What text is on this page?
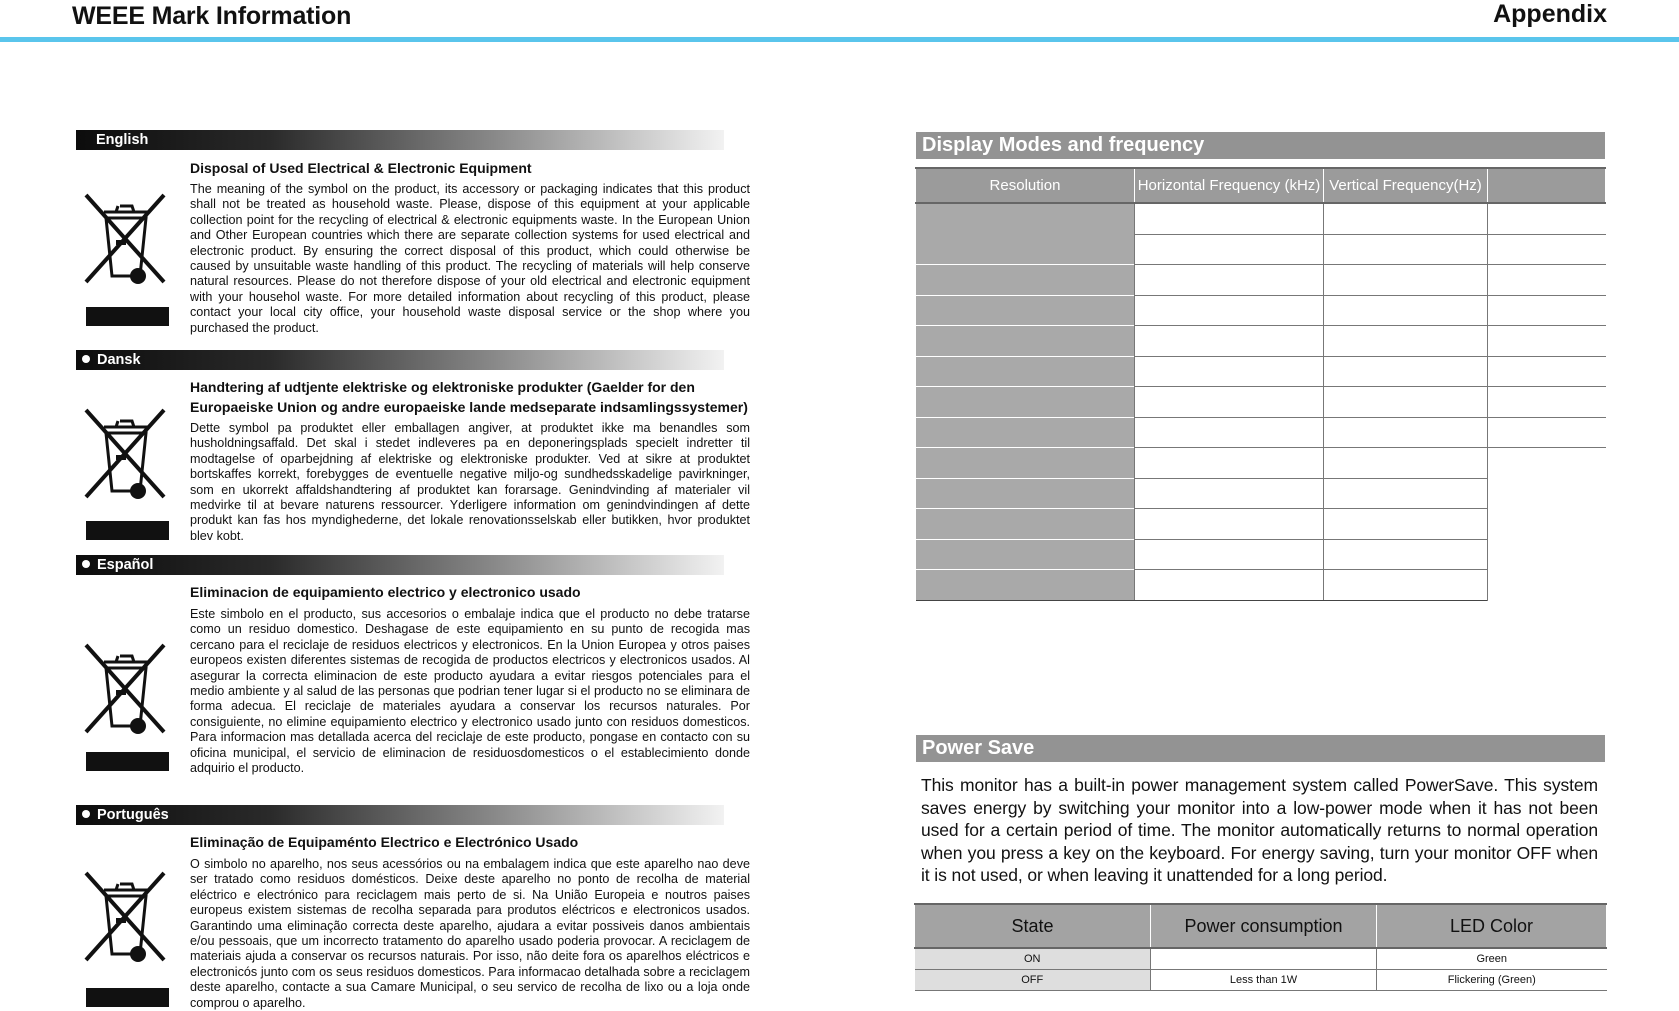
WEEE Mark Information	Appendix
English
Disposal of Used Electrical & Electronic Equipment
The meaning of the symbol on the product, its accessory or packaging indicates that this product shall not be treated as household waste. Please, dispose of this equipment at your applicable collection point for the recycling of electrical & electronic equipments waste. In the European Union and Other European countries which there are separate collection systems for used electrical and electronic product. By ensuring the correct disposal of this product, which could otherwise be caused by unsuitable waste handling of this product. The recycling of materials will help conserve natural resources. Please do not therefore dispose of your old electrical and electronic equipment with your househol waste. For more detailed information about recycling of this product, please contact your local city office, your household waste disposal service or the shop where you purchased the product.
Dansk
Handtering af udtjente elektriske og elektroniske produkter (Gaelder for den Europaeiske Union og andre europaeiske lande medseparate indsamlingssystemer)
Dette symbol pa produktet eller emballagen angiver, at produktet ikke ma benandles som husholdningsaffald. Det skal i stedet indleveres pa en deponeringsplads specielt indretter til modtagelse of oparbejdning af elektriske og elektroniske produkter. Ved at sikre at produktet bortskaffes korrekt, forebygges de eventuelle negative miljo-og sundhedsskadelige pavirkninger, som en ukorrekt affaldshandtering af produktet kan forarsage. Genindvinding af materialer vil medvirke til at bevare naturens ressourcer. Yderligere information om genindvindingen af dette produkt kan fas hos myndighederne, det lokale renovationsselskab eller butikken, hvor produktet blev kobt.
Español
Eliminacion de equipamiento electrico y electronico usado
Este simbolo en el producto, sus accesorios o embalaje indica que el producto no debe tratarse como un residuo domestico. Deshagase de este equipamiento en su punto de recogida mas cercano para el reciclaje de residuos electricos y electronicos. En la Union Europea y otros paises europeos existen diferentes sistemas de recogida de productos electricos y electronicos usados. Al asegurar la correcta eliminacion de este producto ayudara a evitar riesgos potenciales para el medio ambiente y al salud de las personas que podrian tener lugar si el producto no se eliminara de forma adecua. El reciclaje de materiales ayudara a conservar los recursos naturales. Por consiguiente, no elimine equipamiento electrico y electronico usado junto con residuos domesticos. Para informacion mas detallada acerca del reciclaje de este producto, pongase en contacto con su oficina municipal, el servicio de eliminacion de residuosdomesticos o el establecimiento donde adquirio el producto.
Português
Eliminação de Equipaménto Electrico e Electrónico Usado
O simbolo no aparelho, nos seus acessórios ou na embalagem indica que este aparelho nao deve ser tratado como residuos domésticos. Deixe deste aparelho no ponto de recolha de material eléctrico e electrónico para reciclagem mais perto de si. Na União Europeia e noutros paises europeus existem sistemas de recolha separada para produtos eléctricos e electronicos usados. Garantindo uma eliminação correcta deste aparelho, ajudara a evitar possiveis danos ambientais e/ou pessoais, que um incorrecto tratamento do aparelho usado poderia provocar. A reciclagem de materiais ajuda a conservar os recursos naturais. Por isso, não deite fora os aparelhos eléctricos e electronicós junto com os seus residuos domesticos. Para informacao detalhada sobre a reciclagem deste aparelho, contacte a sua Camare Municipal, o seu servico de recolha de lixo ou a loja onde comprou o aparelho.
Display Modes and frequency
Resolution	Horizontal Frequency (kHz)	Vertical Frequency(Hz)	

Power Save
This monitor has a built-in power management system called PowerSave. This system saves energy by switching your monitor into a low-power mode when it has not been used for a certain period of time. The monitor automatically returns to normal operation when you press a key on the keyboard. For energy saving, turn your monitor OFF when it is not used, or when leaving it unattended for a long period.
State	Power consumption	LED Color
ON		Green
OFF	Less than 1W	Flickering (Green)
